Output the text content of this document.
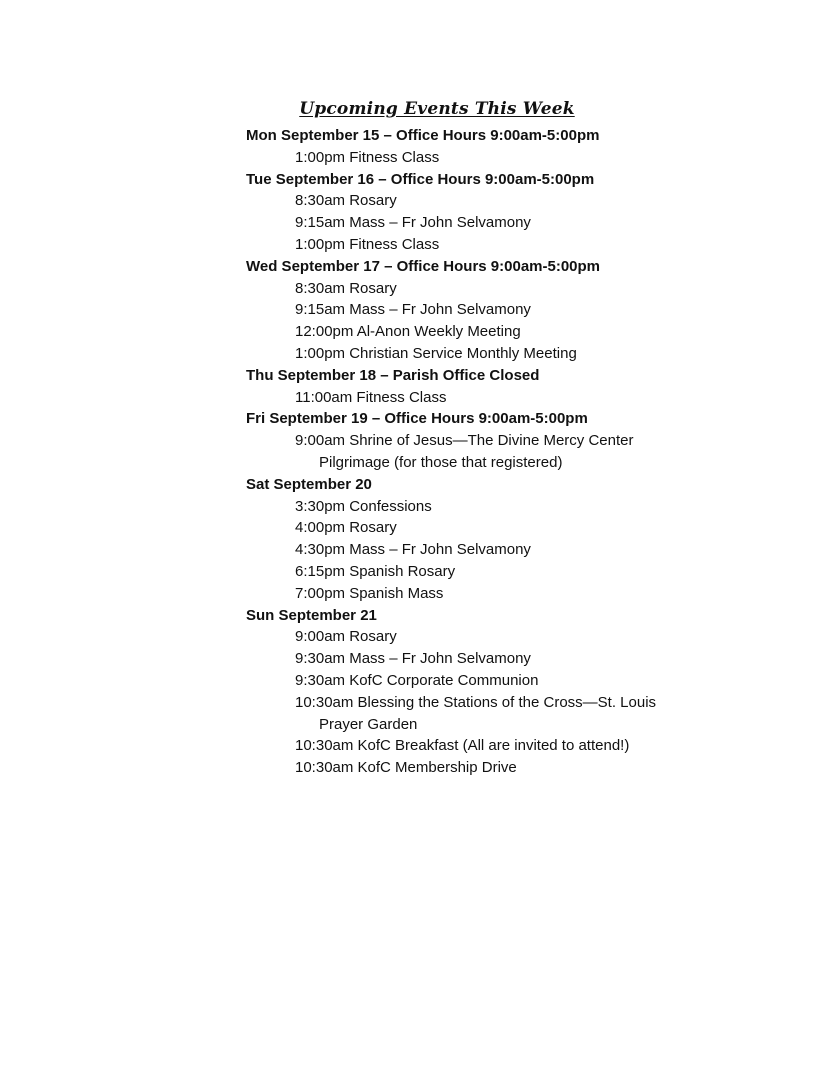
Upcoming Events This Week
Mon September 15 – Office Hours 9:00am-5:00pm
1:00pm Fitness Class
Tue September 16 – Office Hours 9:00am-5:00pm
8:30am Rosary
9:15am Mass – Fr John Selvamony
1:00pm Fitness Class
Wed September 17 – Office Hours 9:00am-5:00pm
8:30am Rosary
9:15am Mass – Fr John Selvamony
12:00pm Al-Anon Weekly Meeting
1:00pm Christian Service Monthly Meeting
Thu September 18 – Parish Office Closed
11:00am Fitness Class
Fri September 19 – Office Hours 9:00am-5:00pm
9:00am Shrine of Jesus—The Divine Mercy Center
Pilgrimage (for those that registered)
Sat September 20
3:30pm Confessions
4:00pm Rosary
4:30pm Mass – Fr John Selvamony
6:15pm Spanish Rosary
7:00pm Spanish Mass
Sun September 21
9:00am Rosary
9:30am Mass – Fr John Selvamony
9:30am KofC Corporate Communion
10:30am Blessing the Stations of the Cross—St. Louis
Prayer Garden
10:30am KofC Breakfast (All are invited to attend!)
10:30am KofC Membership Drive
